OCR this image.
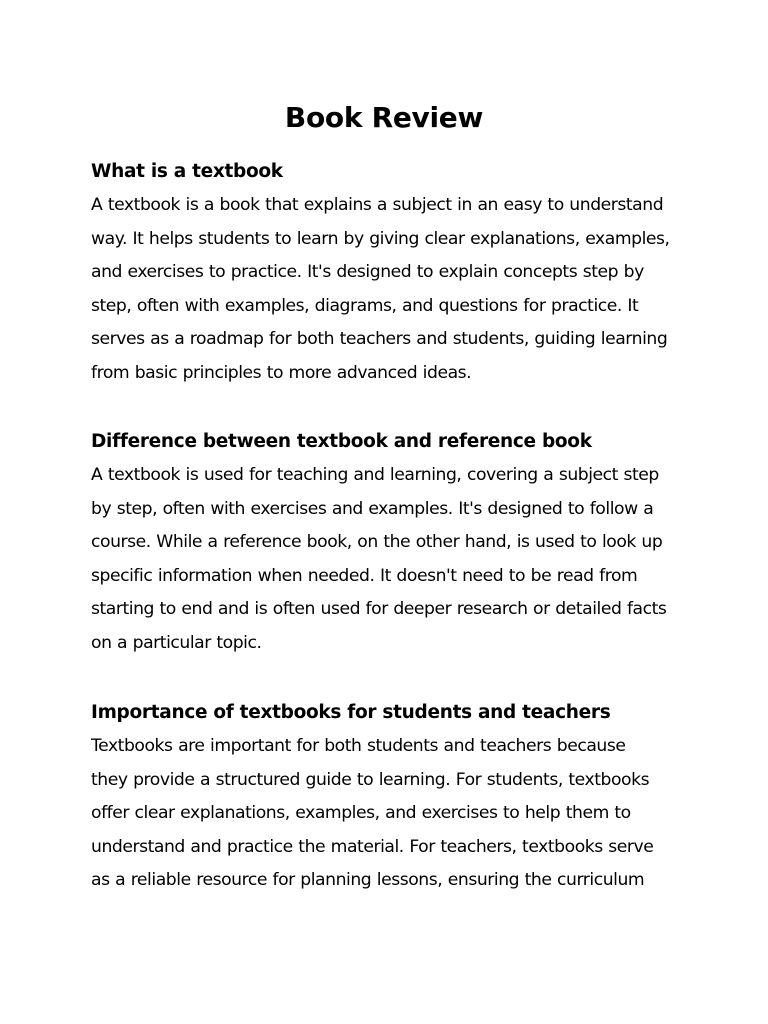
Book Review
What is a textbook
A textbook is a book that explains a subject in an easy to understand
way. It helps students to learn by giving clear explanations, examples,
and exercises to practice. It's designed to explain concepts step by
step, often with examples, diagrams, and questions for practice. It
serves as a roadmap for both teachers and students, guiding learning
from basic principles to more advanced ideas.
Difference between textbook and reference book
A textbook is used for teaching and learning, covering a subject step
by step, often with exercises and examples. It's designed to follow a
course. While a reference book, on the other hand, is used to look up
specific information when needed. It doesn't need to be read from
starting to end and is often used for deeper research or detailed facts
on a particular topic.
Importance of textbooks for students and teachers
Textbooks are important for both students and teachers because
they provide a structured guide to learning. For students, textbooks
offer clear explanations, examples, and exercises to help them to
understand and practice the material. For teachers, textbooks serve
as a reliable resource for planning lessons, ensuring the curriculum
